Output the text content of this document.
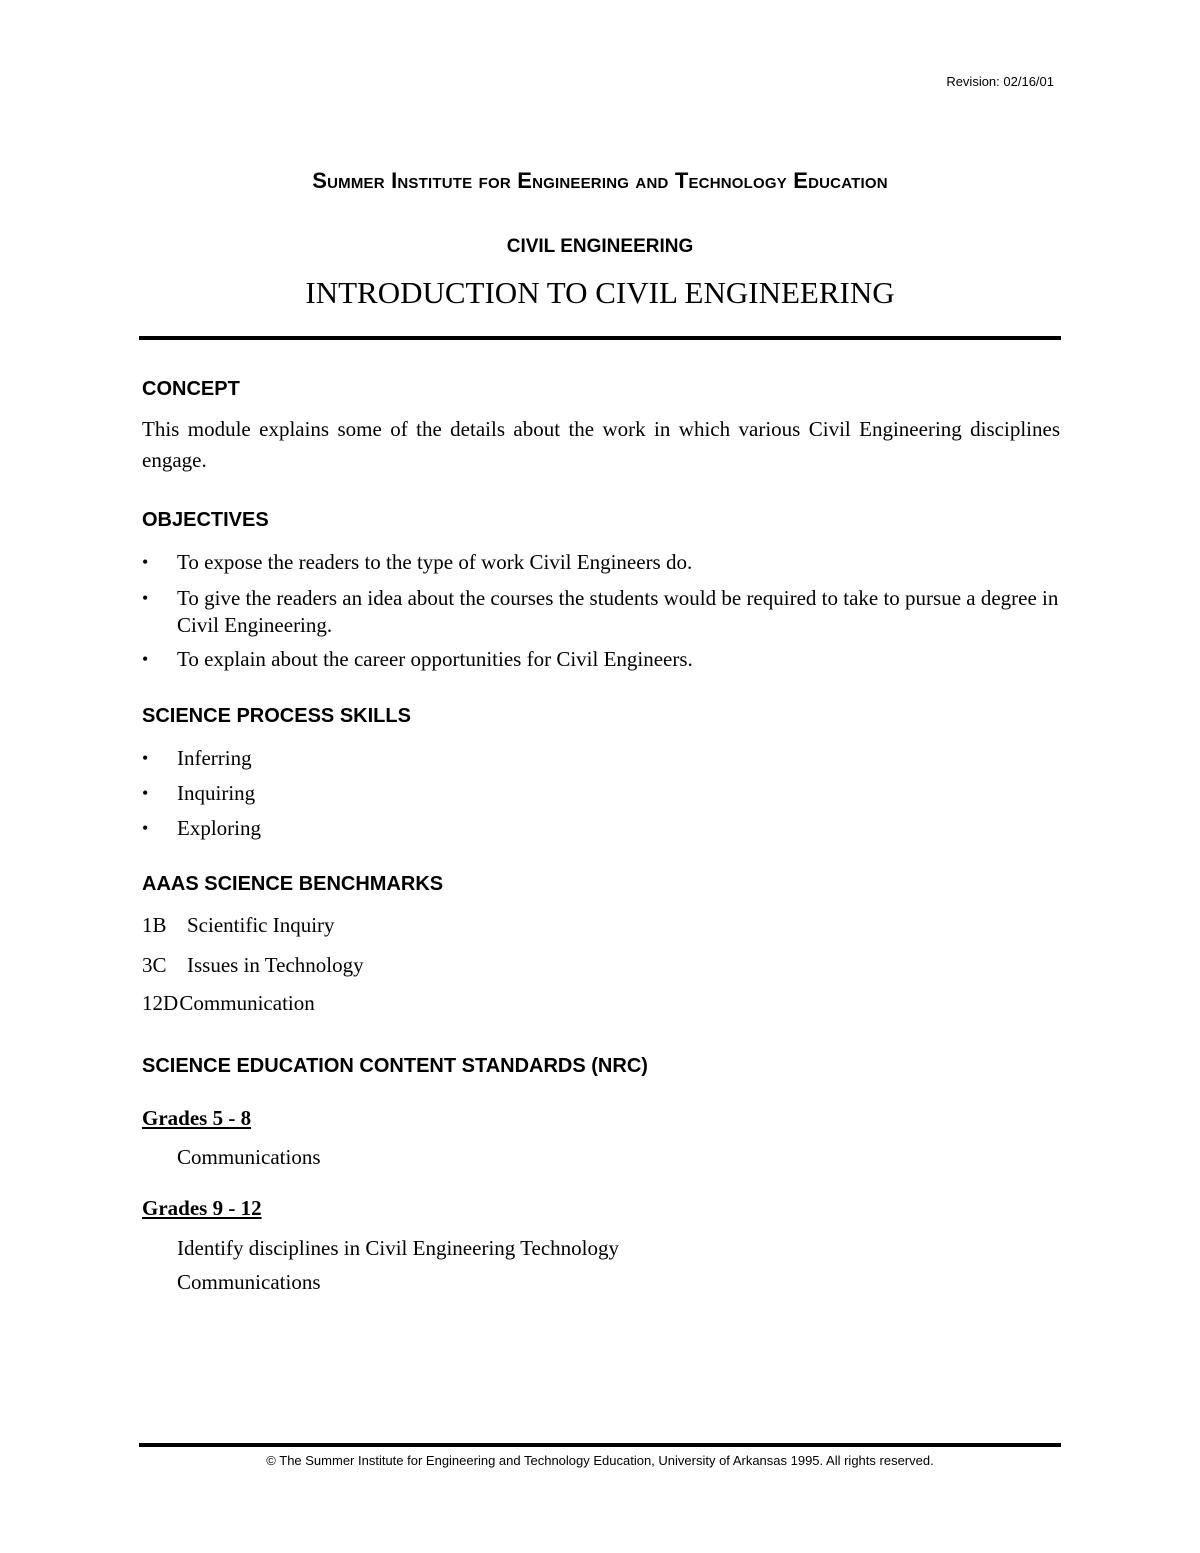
Revision: 02/16/01
Summer Institute for Engineering and Technology Education
CIVIL ENGINEERING
INTRODUCTION TO CIVIL ENGINEERING
CONCEPT
This module explains some of the details about the work in which various Civil Engineering disciplines engage.
OBJECTIVES
• To expose the readers to the type of work Civil Engineers do.
• To give the readers an idea about the courses the students would be required to take to pursue a degree in Civil Engineering.
• To explain about the career opportunities for Civil Engineers.
SCIENCE PROCESS SKILLS
• Inferring
• Inquiring
• Exploring
AAAS SCIENCE BENCHMARKS
1B Scientific Inquiry
3C Issues in Technology
12D Communication
SCIENCE EDUCATION CONTENT STANDARDS (NRC)
Grades 5 - 8
Communications
Grades 9 - 12
Identify disciplines in Civil Engineering Technology
Communications
© The Summer Institute for Engineering and Technology Education, University of Arkansas 1995. All rights reserved.
